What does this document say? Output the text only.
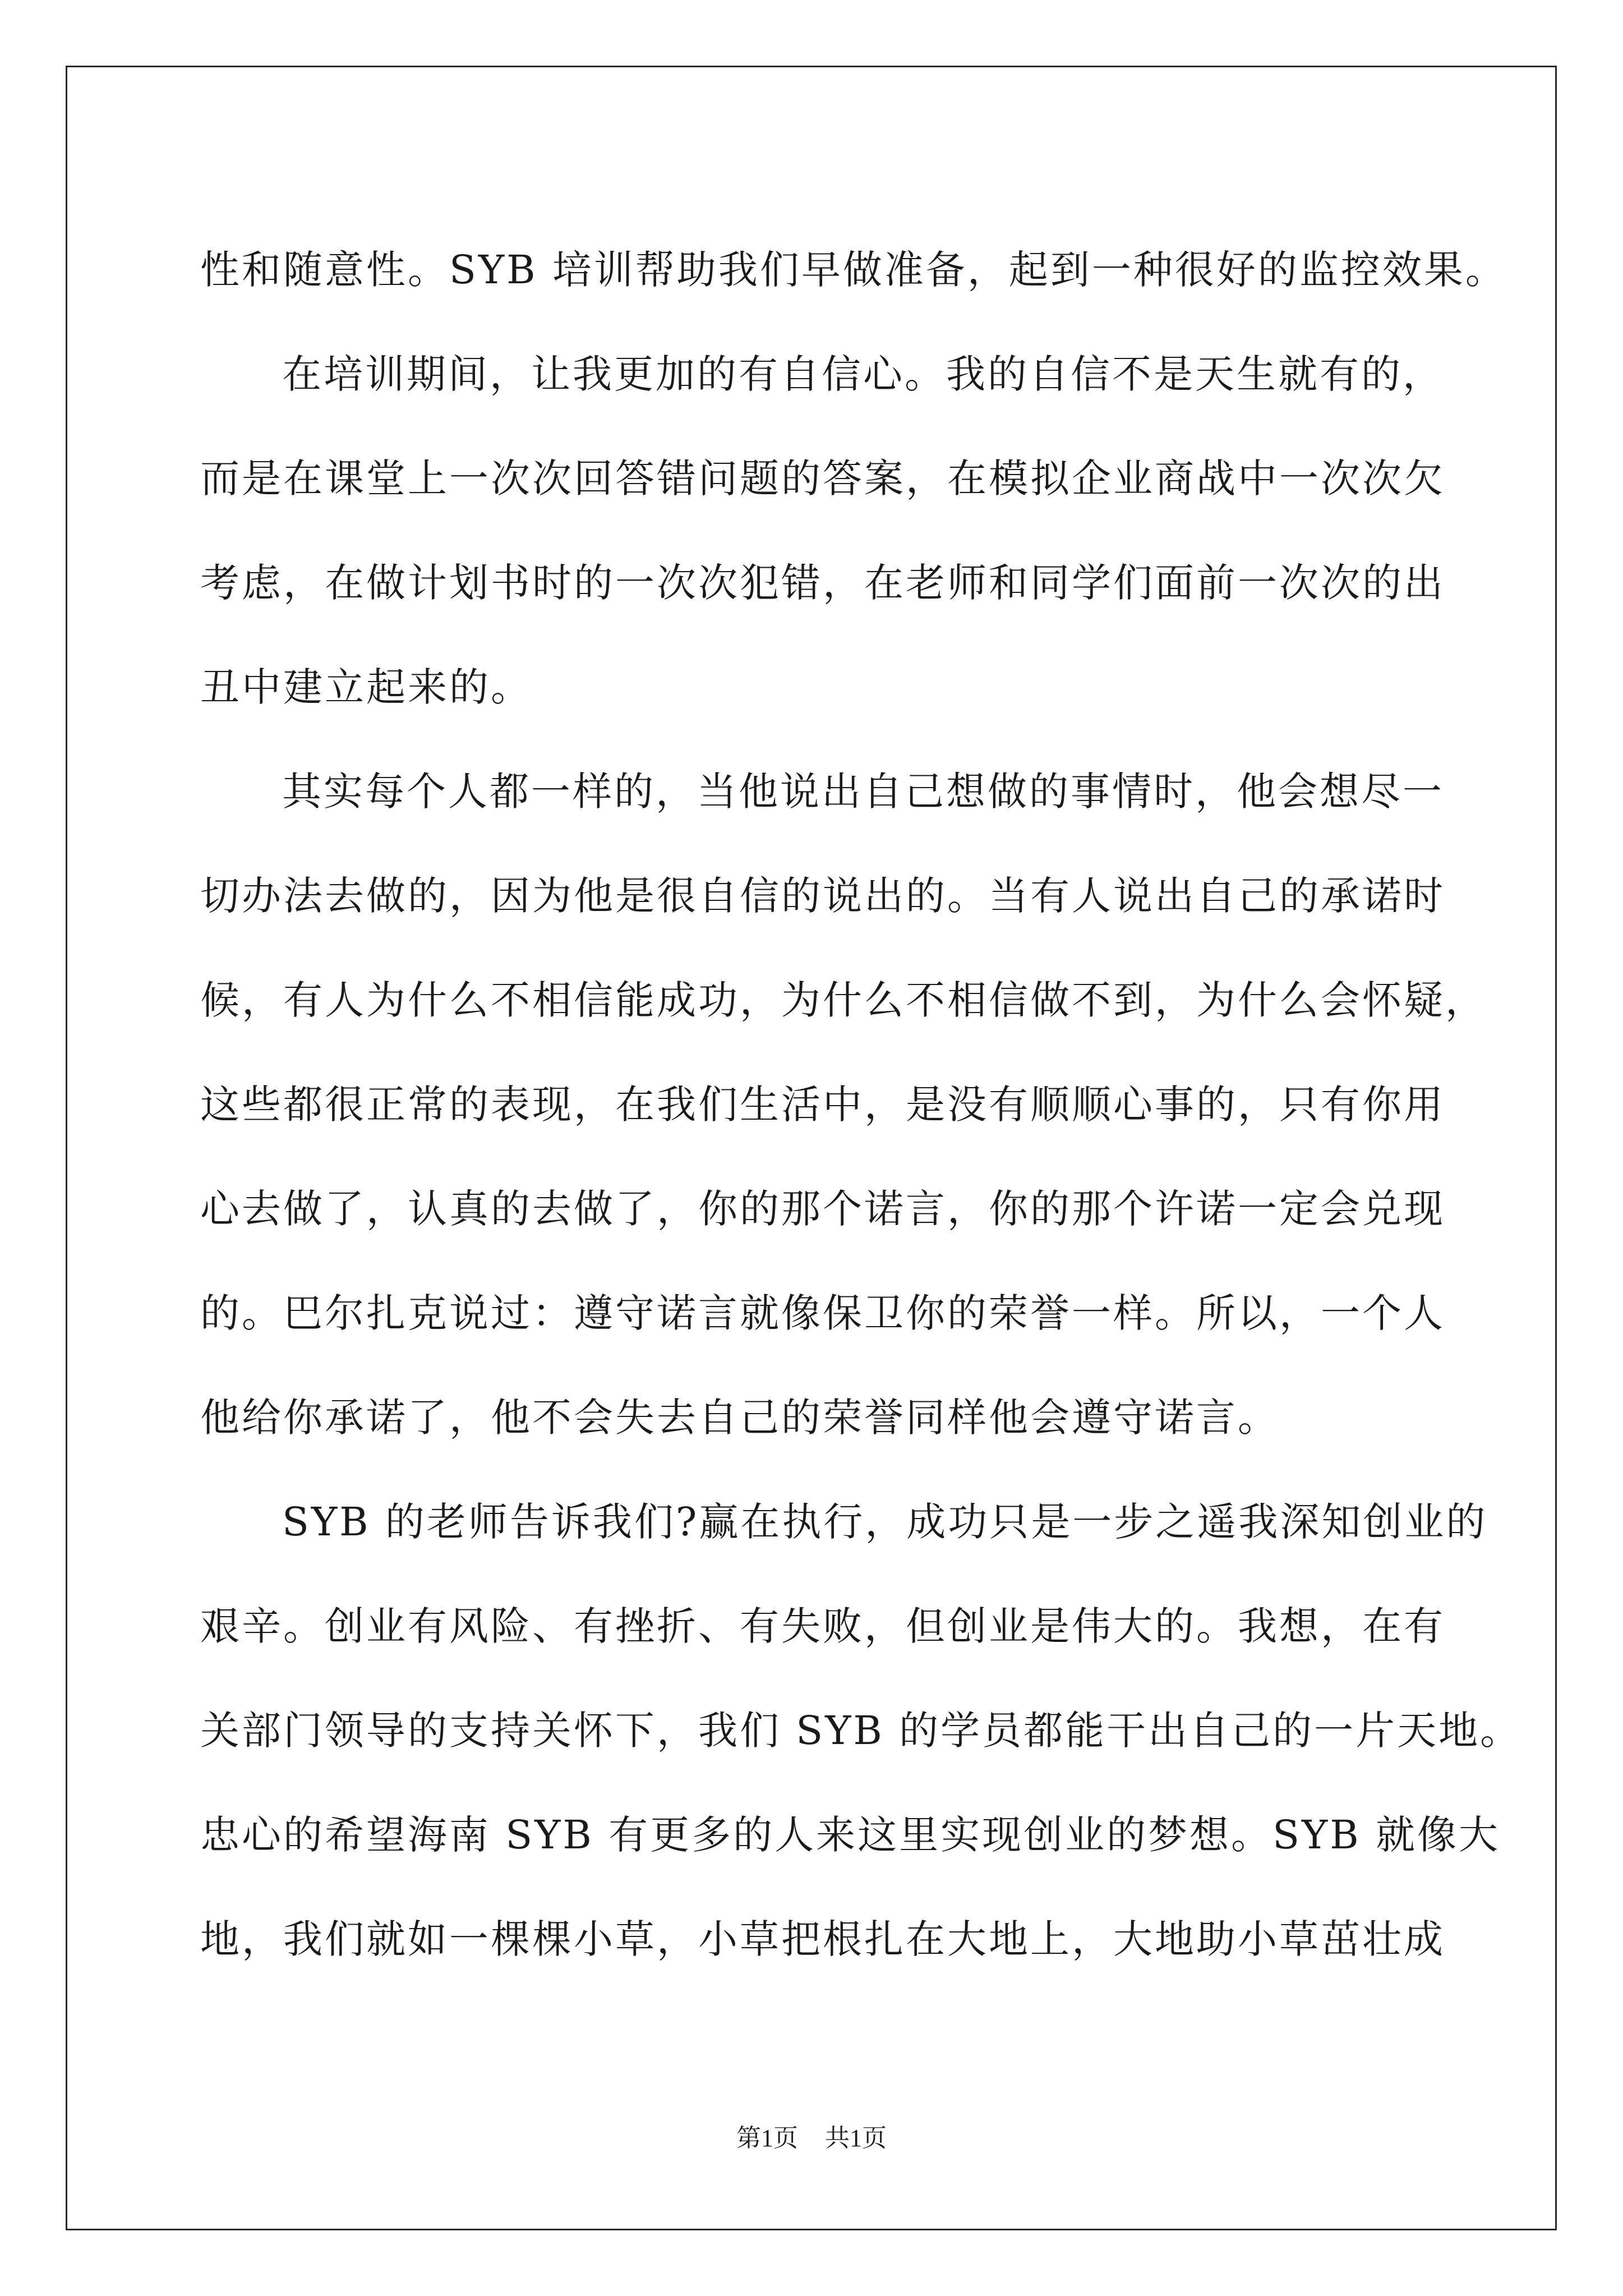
性和随意性。SYB 培训帮助我们早做准备，起到一种很好的监控效果。
在培训期间，让我更加的有自信心。我的自信不是天生就有的，
而是在课堂上一次次回答错问题的答案，在模拟企业商战中一次次欠
考虑，在做计划书时的一次次犯错，在老师和同学们面前一次次的出
丑中建立起来的。
其实每个人都一样的，当他说出自己想做的事情时，他会想尽一
切办法去做的，因为他是很自信的说出的。当有人说出自己的承诺时
候，有人为什么不相信能成功，为什么不相信做不到，为什么会怀疑，
这些都很正常的表现，在我们生活中，是没有顺顺心事的，只有你用
心去做了，认真的去做了，你的那个诺言，你的那个许诺一定会兑现
的。巴尔扎克说过：遵守诺言就像保卫你的荣誉一样。所以，一个人
他给你承诺了，他不会失去自己的荣誉同样他会遵守诺言。
SYB 的老师告诉我们?赢在执行，成功只是一步之遥我深知创业的
艰辛。创业有风险、有挫折、有失败，但创业是伟大的。我想，在有
关部门领导的支持关怀下，我们 SYB 的学员都能干出自己的一片天地。
忠心的希望海南 SYB 有更多的人来这里实现创业的梦想。SYB 就像大
地，我们就如一棵棵小草，小草把根扎在大地上，大地助小草茁壮成
第1页 共1页
